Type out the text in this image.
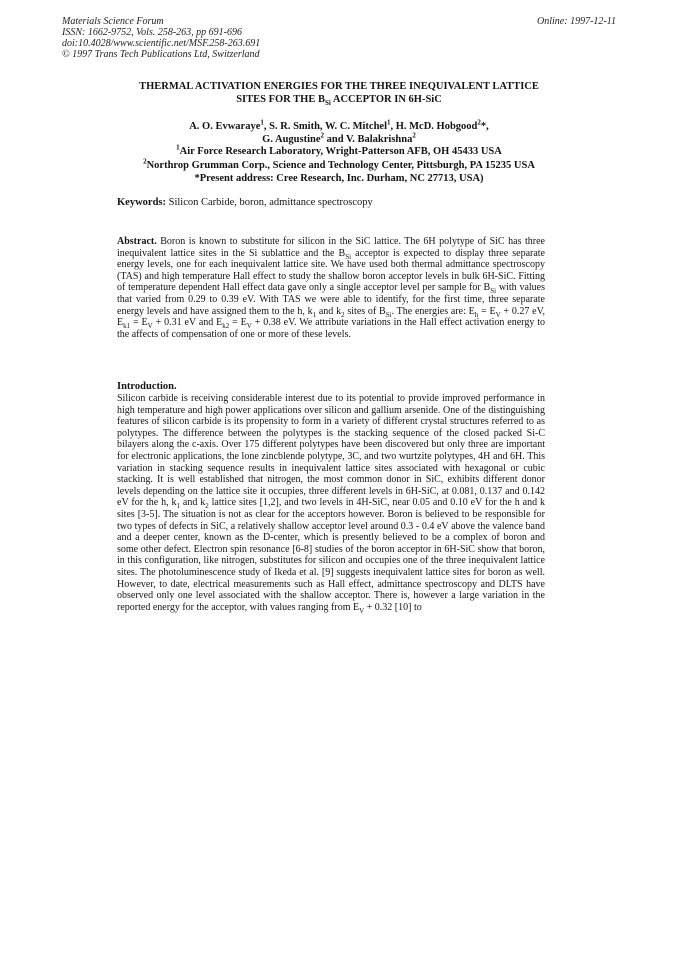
Materials Science Forum
ISSN: 1662-9752, Vols. 258-263, pp 691-696
doi:10.4028/www.scientific.net/MSF.258-263.691
© 1997 Trans Tech Publications Ltd, Switzerland
Online: 1997-12-11
THERMAL ACTIVATION ENERGIES FOR THE THREE INEQUIVALENT LATTICE
SITES FOR THE $B_{Si}$ ACCEPTOR IN 6H-SiC
A. O. Evwaraye$^1$, S. R. Smith, W. C. Mitchel$^1$, H. McD. Hobgood$^2$*,
G. Augustine$^2$ and V. Balakrishna$^2$
$^1$Air Force Research Laboratory, Wright-Patterson AFB, OH 45433 USA
$^2$Northrop Grumman Corp., Science and Technology Center, Pittsburgh, PA 15235 USA
*Present address: Cree Research, Inc. Durham, NC 27713, USA)
Keywords: Silicon Carbide, boron, admittance spectroscopy
Abstract. Boron is known to substitute for silicon in the SiC lattice. The 6H polytype of SiC has three inequivalent lattice sites in the Si sublattice and the $B_{Si}$ acceptor is expected to display three separate energy levels, one for each inequivalent lattice site. We have used both thermal admittance spectroscopy (TAS) and high temperature Hall effect to study the shallow boron acceptor levels in bulk 6H-SiC. Fitting of temperature dependent Hall effect data gave only a single acceptor level per sample for $B_{Si}$ with values that varied from 0.29 to 0.39 eV. With TAS we were able to identify, for the first time, three separate energy levels and have assigned them to the h, $k_1$ and $k_2$ sites of $B_{Si}$. The energies are: $E_h = E_V + 0.27$ eV, $E_{k1} = E_V + 0.31$ eV and $E_{k2} = E_V + 0.38$ eV. We attribute variations in the Hall effect activation energy to the affects of compensation of one or more of these levels.
Introduction.
Silicon carbide is receiving considerable interest due to its potential to provide improved performance in high temperature and high power applications over silicon and gallium arsenide. One of the distinguishing features of silicon carbide is its propensity to form in a variety of different crystal structures referred to as polytypes. The difference between the polytypes is the stacking sequence of the closed packed Si-C bilayers along the c-axis. Over 175 different polytypes have been discovered but only three are important for electronic applications, the lone zincblende polytype, 3C, and two wurtzite polytypes, 4H and 6H. This variation in stacking sequence results in inequivalent lattice sites associated with hexagonal or cubic stacking. It is well established that nitrogen, the most common donor in SiC, exhibits different donor levels depending on the lattice site it occupies, three different levels in 6H-SiC, at 0.081, 0.137 and 0.142 eV for the h, $k_1$ and $k_2$ lattice sites [1,2], and two levels in 4H-SiC, near 0.05 and 0.10 eV for the h and k sites [3-5]. The situation is not as clear for the acceptors however. Boron is believed to be responsible for two types of defects in SiC, a relatively shallow acceptor level around 0.3 - 0.4 eV above the valence band and a deeper center, known as the D-center, which is presently believed to be a complex of boron and some other defect. Electron spin resonance [6-8] studies of the boron acceptor in 6H-SiC show that boron, in this configuration, like nitrogen, substitutes for silicon and occupies one of the three inequivalent lattice sites. The photoluminescence study of Ikeda et al. [9] suggests inequivalent lattice sites for boron as well. However, to date, electrical measurements such as Hall effect, admittance spectroscopy and DLTS have observed only one level associated with the shallow acceptor. There is, however a large variation in the reported energy for the acceptor, with values ranging from $E_V + 0.32$ [10] to
